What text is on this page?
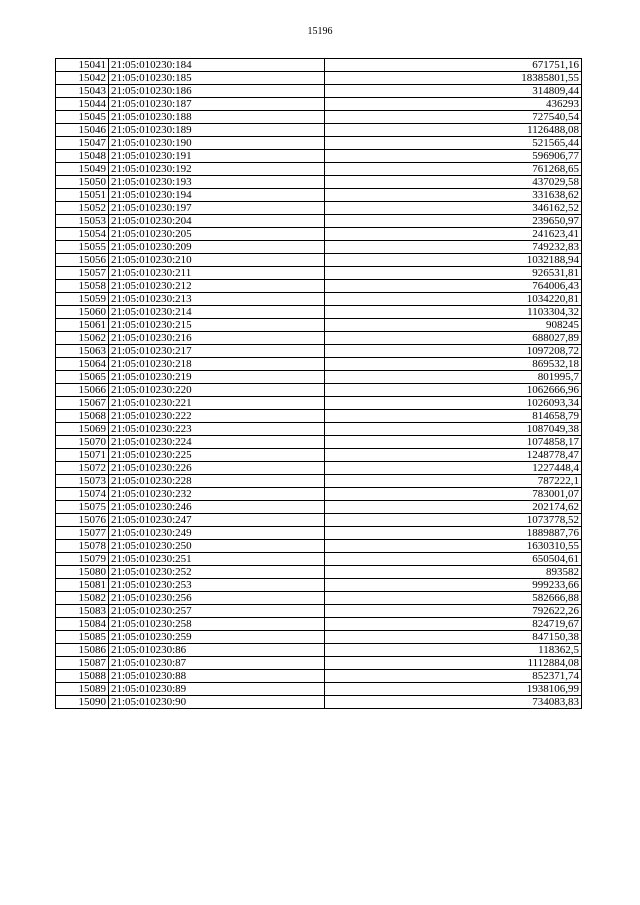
15196
15041	21:05:010230:184	671751,16
15042	21:05:010230:185	18385801,55
15043	21:05:010230:186	314809,44
15044	21:05:010230:187	436293
15045	21:05:010230:188	727540,54
15046	21:05:010230:189	1126488,08
15047	21:05:010230:190	521565,44
15048	21:05:010230:191	596906,77
15049	21:05:010230:192	761268,65
15050	21:05:010230:193	437029,58
15051	21:05:010230:194	331638,62
15052	21:05:010230:197	346162,52
15053	21:05:010230:204	239650,97
15054	21:05:010230:205	241623,41
15055	21:05:010230:209	749232,83
15056	21:05:010230:210	1032188,94
15057	21:05:010230:211	926531,81
15058	21:05:010230:212	764006,43
15059	21:05:010230:213	1034220,81
15060	21:05:010230:214	1103304,32
15061	21:05:010230:215	908245
15062	21:05:010230:216	688027,89
15063	21:05:010230:217	1097208,72
15064	21:05:010230:218	869532,18
15065	21:05:010230:219	801995,7
15066	21:05:010230:220	1062666,96
15067	21:05:010230:221	1026093,34
15068	21:05:010230:222	814658,79
15069	21:05:010230:223	1087049,38
15070	21:05:010230:224	1074858,17
15071	21:05:010230:225	1248778,47
15072	21:05:010230:226	1227448,4
15073	21:05:010230:228	787222,1
15074	21:05:010230:232	783001,07
15075	21:05:010230:246	202174,62
15076	21:05:010230:247	1073778,52
15077	21:05:010230:249	1889887,76
15078	21:05:010230:250	1630310,55
15079	21:05:010230:251	650504,61
15080	21:05:010230:252	893582
15081	21:05:010230:253	999233,66
15082	21:05:010230:256	582666,88
15083	21:05:010230:257	792622,26
15084	21:05:010230:258	824719,67
15085	21:05:010230:259	847150,38
15086	21:05:010230:86	118362,5
15087	21:05:010230:87	1112884,08
15088	21:05:010230:88	852371,74
15089	21:05:010230:89	1938106,99
15090	21:05:010230:90	734083,83
